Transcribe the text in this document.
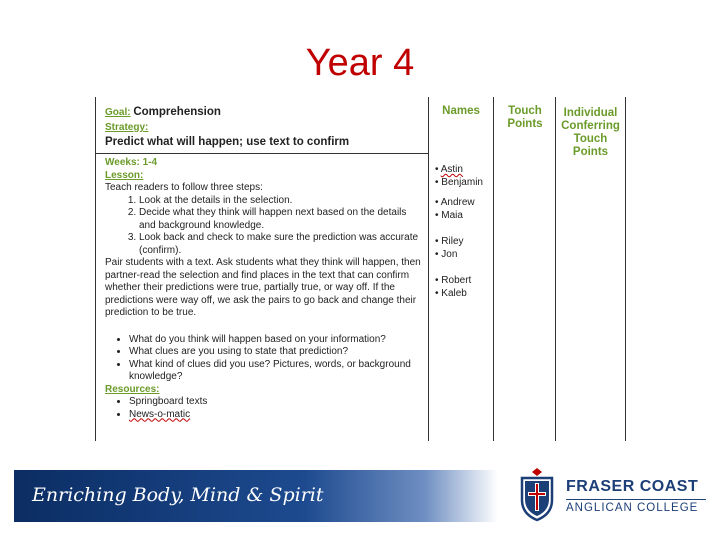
Year 4
Goal: Comprehension
Strategy:
Predict what will happen; use text to confirm
Names	Touch Points
Individual Conferring Touch Points
Weeks: 1-4
Lesson:
Teach readers to follow three steps:
1. Look at the details in the selection.
2. Decide what they think will happen next based on the details and background knowledge.
3. Look back and check to make sure the prediction was accurate (confirm).

Pair students with a text. Ask students what they think will happen, then partner-read the selection and find places in the text that can confirm whether their predictions were true, partially true, or way off. If the predictions were way off, we ask the pairs to go back and change their prediction to be true.

• What do you think will happen based on your information?
• What clues are you using to state that prediction?
• What kind of clues did you use? Pictures, words, or background knowledge?
Resources:
• Springboard texts
• News-o-matic
• Astin
• Benjamin
• Andrew
• Maia
• Riley
• Jon
• Robert
• Kaleb
Enriching Body, Mind & Spirit	FRASER COAST
ANGLICAN COLLEGE
